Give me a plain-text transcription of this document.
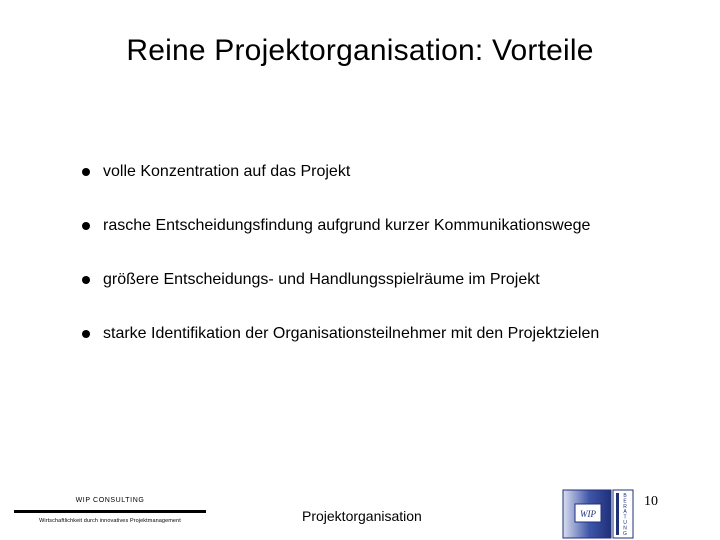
Reine Projektorganisation: Vorteile
volle Konzentration auf das Projekt
rasche Entscheidungsfindung aufgrund kurzer Kommunikationswege
größere Entscheidungs- und Handlungsspielräume im Projekt
starke Identifikation der Organisationsteilnehmer mit den Projektzielen
WIP CONSULTING
Wirtschaftlichkeit durch innovatives Projektmanagement	Projektorganisation	WIP
B
E
R
A
T
U
N
G
10
